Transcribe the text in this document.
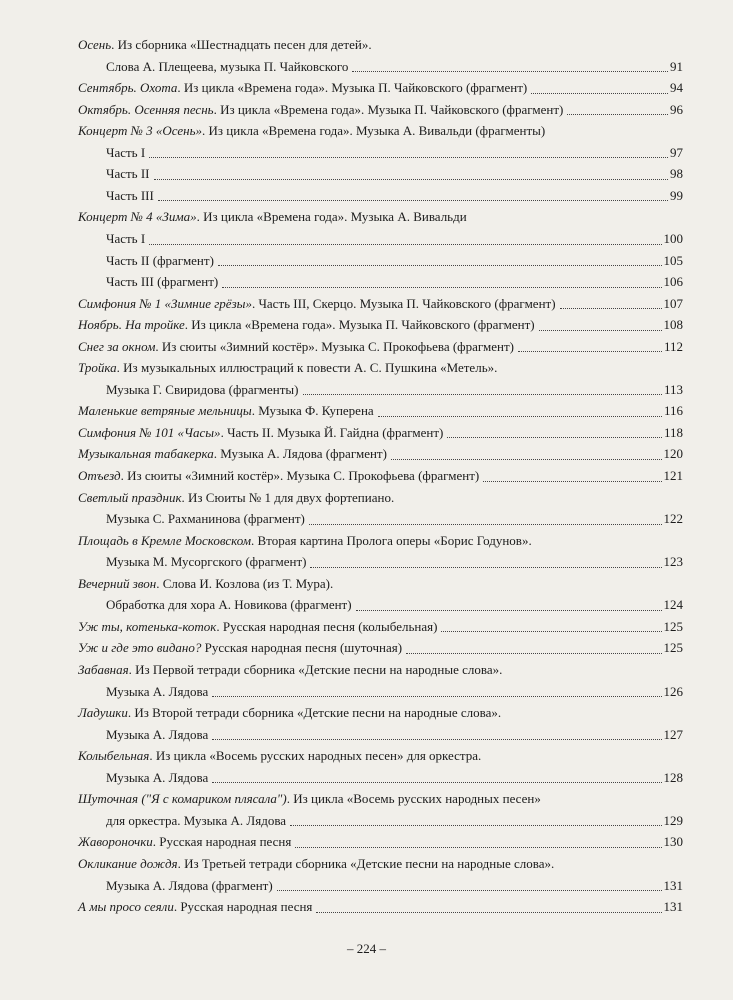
Осень. Из сборника «Шестнадцать песен для детей».
Слова А. Плещеева, музыка П. Чайковского	91
Сентябрь. Охота. Из цикла «Времена года». Музыка П. Чайковского (фрагмент)	94
Октябрь. Осенняя песнь. Из цикла «Времена года». Музыка П. Чайковского (фрагмент)	96
Концерт № 3 «Осень». Из цикла «Времена года». Музыка А. Вивальди (фрагменты)
Часть I	97
Часть II	98
Часть III	99
Концерт № 4 «Зима». Из цикла «Времена года». Музыка А. Вивальди
Часть I	100
Часть II (фрагмент)	105
Часть III (фрагмент)	106
Симфония № 1 «Зимние грёзы». Часть III, Скерцо. Музыка П. Чайковского (фрагмент)	107
Ноябрь. На тройке. Из цикла «Времена года». Музыка П. Чайковского (фрагмент)	108
Снег за окном. Из сюиты «Зимний костёр». Музыка С. Прокофьева (фрагмент)	112
Тройка. Из музыкальных иллюстраций к повести А. С. Пушкина «Метель».
Музыка Г. Свиридова (фрагменты)	113
Маленькие ветряные мельницы. Музыка Ф. Куперена	116
Симфония № 101 «Часы». Часть II. Музыка Й. Гайдна (фрагмент)	118
Музыкальная табакерка. Музыка А. Лядова (фрагмент)	120
Отъезд. Из сюиты «Зимний костёр». Музыка С. Прокофьева (фрагмент)	121
Светлый праздник. Из Сюиты № 1 для двух фортепиано.
Музыка С. Рахманинова (фрагмент)	122
Площадь в Кремле Московском. Вторая картина Пролога оперы «Борис Годунов».
Музыка М. Мусоргского (фрагмент)	123
Вечерний звон. Слова И. Козлова (из Т. Мура).
Обработка для хора А. Новикова (фрагмент)	124
Уж ты, котенька-коток. Русская народная песня (колыбельная)	125
Уж и где это видано? Русская народная песня (шуточная)	125
Забавная. Из Первой тетради сборника «Детские песни на народные слова».
Музыка А. Лядова	126
Ладушки. Из Второй тетради сборника «Детские песни на народные слова».
Музыка А. Лядова	127
Колыбельная. Из цикла «Восемь русских народных песен» для оркестра.
Музыка А. Лядова	128
Шуточная ("Я с комариком плясала"). Из цикла «Восемь русских народных песен»
для оркестра. Музыка А. Лядова	129
Жавороночки. Русская народная песня	130
Окликание дождя. Из Третьей тетради сборника «Детские песни на народные слова».
Музыка А. Лядова (фрагмент)	131
А мы просо сеяли. Русская народная песня	131
– 224 –
